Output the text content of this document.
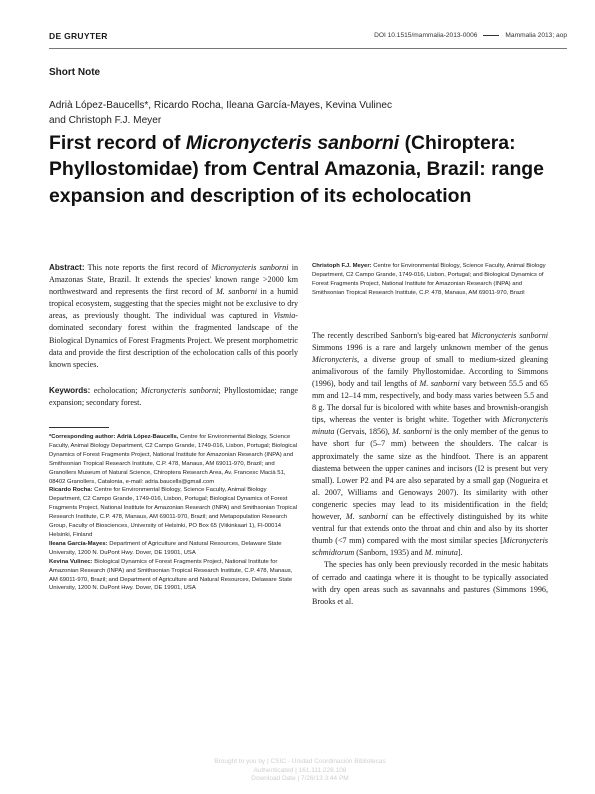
DE GRUYTER	DOI 10.1515/mammalia-2013-0006	Mammalia 2013; aop
Short Note
Adrià López-Baucells*, Ricardo Rocha, Ileana García-Mayes, Kevina Vulinec
and Christoph F.J. Meyer
First record of Micronycteris sanborni (Chiroptera: Phyllostomidae) from Central Amazonia, Brazil: range expansion and description of its echolocation

Abstract: This note reports the first record of Micronycteris sanborni in Amazonas State, Brazil. It extends the species' known range >2000 km northwestward and represents the first record of M. sanborni in a humid tropical ecosystem, suggesting that the species might not be exclusive to dry areas, as previously thought. The individual was captured in Vismia-dominated secondary forest within the fragmented landscape of the Biological Dynamics of Forest Fragments Project. We present morphometric data and provide the first description of the echolocation calls of this poorly known species.

Keywords: echolocation; Micronycteris sanborni; Phyllostomidae; range expansion; secondary forest.

*Corresponding author: Adrià López-Baucells, Centre for Environmental Biology, Science Faculty, Animal Biology Department, C2 Campo Grande, 1749-016, Lisbon, Portugal; Biological Dynamics of Forest Fragments Project, National Institute for Amazonian Research (INPA) and Smithsonian Tropical Research Institute, C.P. 478, Manaus, AM 69011-970, Brazil; and Granollers Museum of Natural Science, Chiroptera Research Area, Av. Francesc Macià 51, 08402 Granollers, Catalonia, e-mail: adria.baucells@gmail.com

Ricardo Rocha: Centre for Environmental Biology, Science Faculty, Animal Biology Department, C2 Campo Grande, 1749-016, Lisbon, Portugal; Biological Dynamics of Forest Fragments Project, National Institute for Amazonian Research (INPA) and Smithsonian Tropical Research Institute, C.P. 478, Manaus, AM 69011-970, Brazil; and Metapopulation Research Group, Faculty of Biosciences, University of Helsinki, PO Box 65 (Viikinkaari 1), FI-00014 Helsinki, Finland

Ileana García-Mayes: Department of Agriculture and Natural Resources, Delaware State University, 1200 N. DuPont Hwy. Dover, DE 19901, USA

Kevina Vulinec: Biological Dynamics of Forest Fragments Project, National Institute for Amazonian Research (INPA) and Smithsonian Tropical Research Institute, C.P. 478, Manaus, AM 69011-970, Brazil; and Department of Agriculture and Natural Resources, Delaware State University, 1200 N. DuPont Hwy. Dover, DE 19901, USA

Christoph F.J. Meyer: Centre for Environmental Biology, Science Faculty, Animal Biology Department, C2 Campo Grande, 1749-016, Lisbon, Portugal; and Biological Dynamics of Forest Fragments Project, National Institute for Amazonian Research (INPA) and Smithsonian Tropical Research Institute, C.P. 478, Manaus, AM 69011-970, Brazil

The recently described Sanborn's big-eared bat Micronycteris sanborni Simmons 1996 is a rare and largely unknown member of the genus Micronycteris, a diverse group of small to medium-sized gleaning animalivorous of the family Phyllostomidae. According to Simmons (1996), body and tail lengths of M. sanborni vary between 55.5 and 65 mm and 12–14 mm, respectively, and body mass varies between 5.5 and 8 g. The dorsal fur is bicolored with white bases and brownish-orangish tips, whereas the venter is bright white. Together with Micronycteris minuta (Gervais, 1856), M. sanborni is the only member of the genus to have short fur (5–7 mm) between the shoulders. The calcar is approximately the same size as the hindfoot. There is an apparent diastema between the upper canines and incisors (I2 is present but very small). Lower P2 and P4 are also separated by a small gap (Nogueira et al. 2007, Williams and Genoways 2007). Its similarity with other congeneric species may lead to its misidentification in the field; however, M. sanborni can be effectively distinguished by its white ventral fur that extends onto the throat and chin and also by its shorter thumb (<7 mm) compared with the most similar species [Micronycteris schmidtorum (Sanborn, 1935) and M. minuta].

The species has only been previously recorded in the mesic habitats of cerrado and caatinga where it is thought to be typically associated with dry open areas such as savannahs and pastures (Simmons 1996, Brooks et al.

Brought to you by | CSIC - Unidad Coordinación Bibliotecas
Authenticated | 161.111.228.108
Download Date | 7/26/13 3:44 PM
